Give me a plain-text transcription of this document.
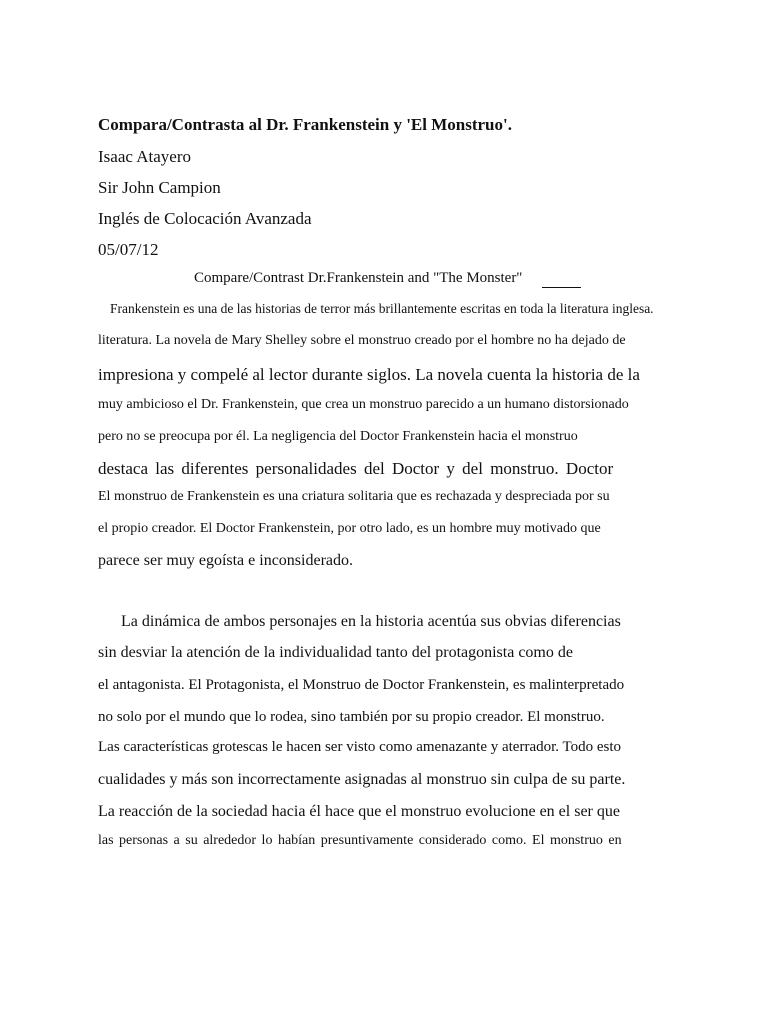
Compara/Contrasta al Dr. Frankenstein y 'El Monstruo'.
Isaac Atayero
Sir John Campion
Inglés de Colocación Avanzada
05/07/12
Compare/Contrast Dr.Frankenstein and "The Monster"
Frankenstein es una de las historias de terror más brillantemente escritas en toda la literatura inglesa.
literatura. La novela de Mary Shelley sobre el monstruo creado por el hombre no ha dejado de
impresiona y compelé al lector durante siglos. La novela cuenta la historia de la
muy ambicioso el Dr. Frankenstein, que crea un monstruo parecido a un humano distorsionado
pero no se preocupa por él. La negligencia del Doctor Frankenstein hacia el monstruo
destaca las diferentes personalidades del Doctor y del monstruo. Doctor
El monstruo de Frankenstein es una criatura solitaria que es rechazada y despreciada por su
el propio creador. El Doctor Frankenstein, por otro lado, es un hombre muy motivado que
parece ser muy egoísta e inconsiderado.
La dinámica de ambos personajes en la historia acentúa sus obvias diferencias
sin desviar la atención de la individualidad tanto del protagonista como de
el antagonista. El Protagonista, el Monstruo de Doctor Frankenstein, es malinterpretado
no solo por el mundo que lo rodea, sino también por su propio creador. El monstruo.
Las características grotescas le hacen ser visto como amenazante y aterrador. Todo esto
cualidades y más son incorrectamente asignadas al monstruo sin culpa de su parte.
La reacción de la sociedad hacia él hace que el monstruo evolucione en el ser que
las personas a su alrededor lo habían presuntivamente considerado como. El monstruo en
